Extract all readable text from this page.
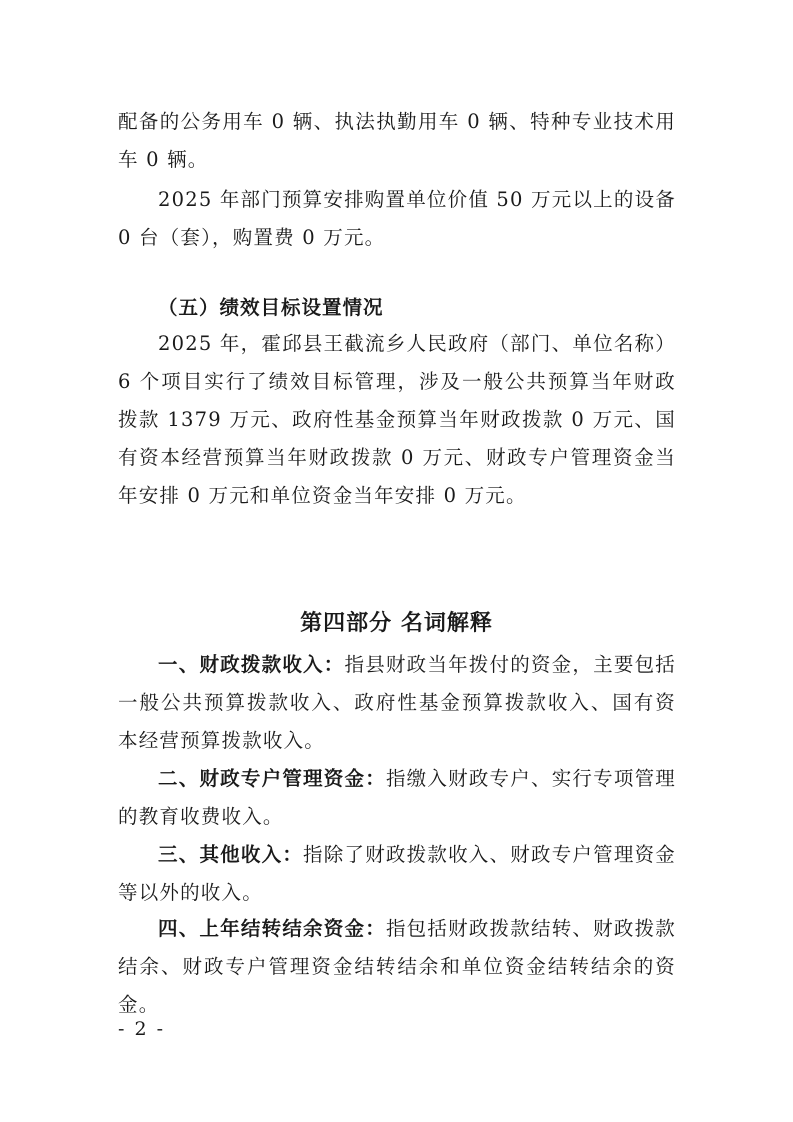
配备的公务用车 0 辆、执法执勤用车 0 辆、特种专业技术用车 0 辆。

2025 年部门预算安排购置单位价值 50 万元以上的设备 0 台（套），购置费 0 万元。

（五）绩效目标设置情况

2025 年，霍邱县王截流乡人民政府（部门、单位名称）6 个项目实行了绩效目标管理，涉及一般公共预算当年财政拨款 1379 万元、政府性基金预算当年财政拨款 0 万元、国有资本经营预算当年财政拨款 0 万元、财政专户管理资金当年安排 0 万元和单位资金当年安排 0 万元。

第四部分 名词解释

一、财政拨款收入：指县财政当年拨付的资金，主要包括一般公共预算拨款收入、政府性基金预算拨款收入、国有资本经营预算拨款收入。

二、财政专户管理资金：指缴入财政专户、实行专项管理的教育收费收入。

三、其他收入：指除了财政拨款收入、财政专户管理资金等以外的收入。

四、上年结转结余资金：指包括财政拨款结转、财政拨款结余、财政专户管理资金结转结余和单位资金结转结余的资金。

- 2 -
